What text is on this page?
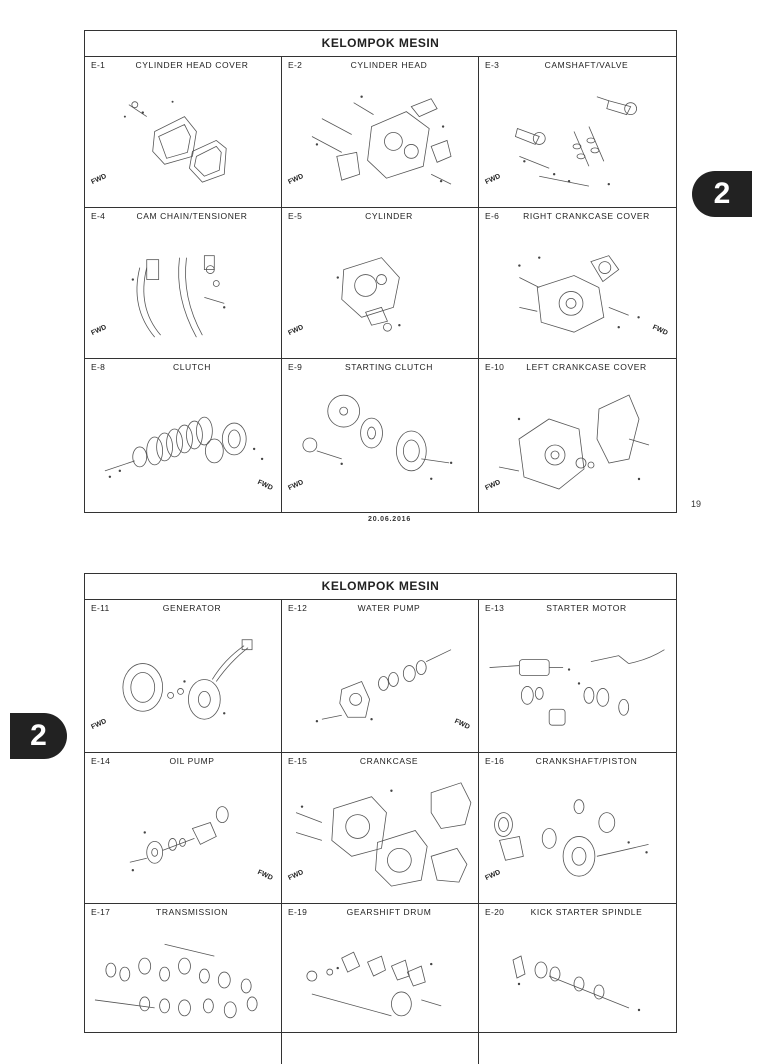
KELOMPOK MESIN
E-1	CYLINDER HEAD COVER
FWD
E-2	CYLINDER HEAD
FWD
E-3	CAMSHAFT/VALVE
FWD
E-4	CAM CHAIN/TENSIONER
FWD
E-5	CYLINDER
FWD
E-6	RIGHT CRANKCASE COVER
FWD
E-8	CLUTCH
FWD
E-9	STARTING CLUTCH
FWD
E-10	LEFT CRANKCASE COVER
FWD
2
19
20.06.2016
KELOMPOK MESIN
E-11	GENERATOR
FWD
E-12	WATER PUMP
FWD
E-13	STARTER MOTOR
E-14	OIL PUMP
FWD
E-15	CRANKCASE
FWD
E-16	CRANKSHAFT/PISTON
FWD
E-17	TRANSMISSION	E-19	GEARSHIFT DRUM	E-20	KICK STARTER SPINDLE
2
